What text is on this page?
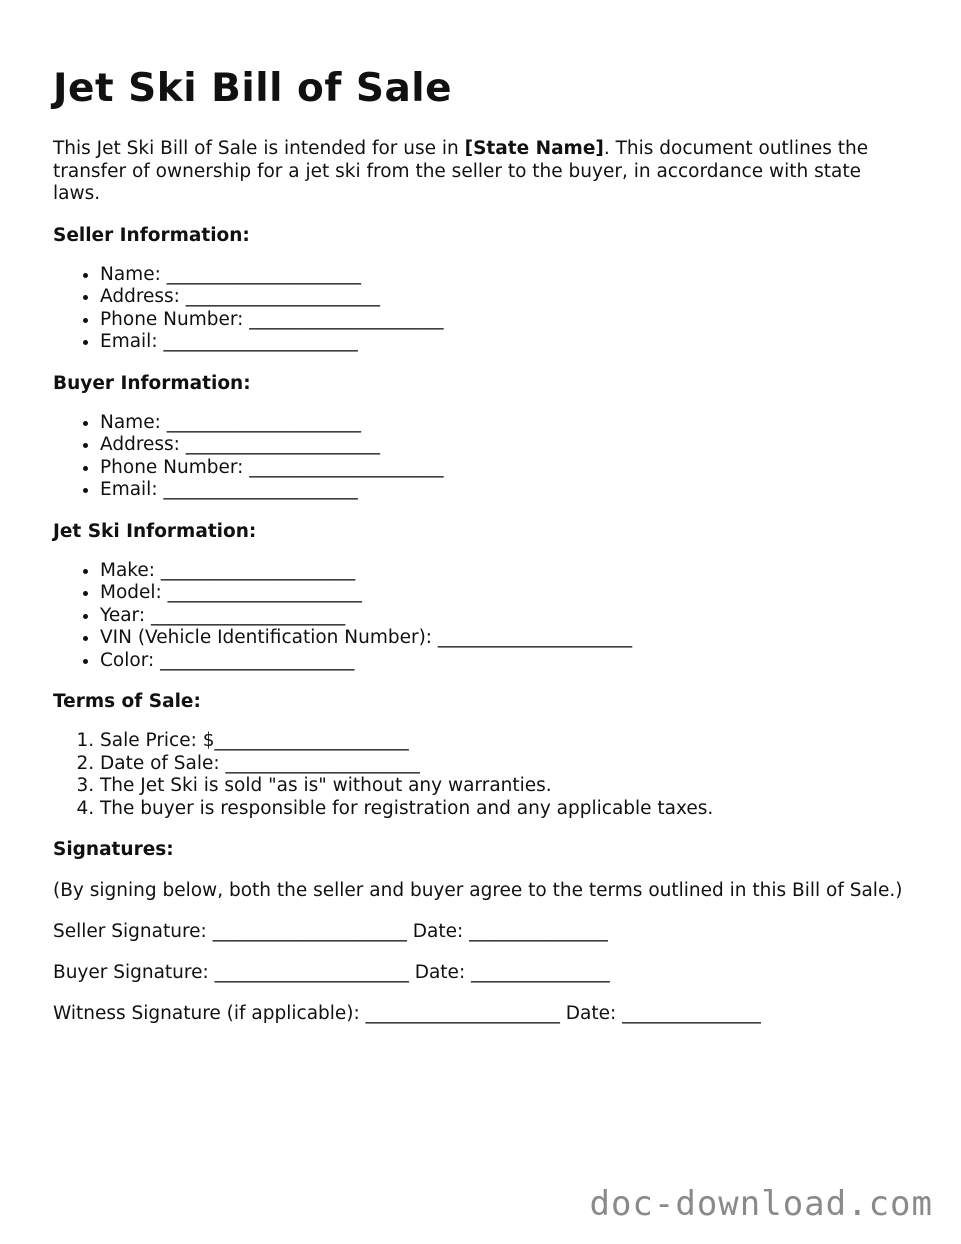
Jet Ski Bill of Sale

This Jet Ski Bill of Sale is intended for use in [State Name]. This document outlines the transfer of ownership for a jet ski from the seller to the buyer, in accordance with state laws.

Seller Information:
• Name: _____________________
• Address: _____________________
• Phone Number: _____________________
• Email: _____________________
Buyer Information:
• Name: _____________________
• Address: _____________________
• Phone Number: _____________________
• Email: _____________________
Jet Ski Information:
• Make: _____________________
• Model: _____________________
• Year: _____________________
• VIN (Vehicle Identification Number): _____________________
• Color: _____________________
Terms of Sale:
1. Sale Price: $_____________________
2. Date of Sale: _____________________
3. The Jet Ski is sold "as is" without any warranties.
4. The buyer is responsible for registration and any applicable taxes.
Signatures:

(By signing below, both the seller and buyer agree to the terms outlined in this Bill of Sale.)

Seller Signature: _____________________ Date: _______________

Buyer Signature: _____________________ Date: _______________

Witness Signature (if applicable): _____________________ Date: _______________

doc-download.com
